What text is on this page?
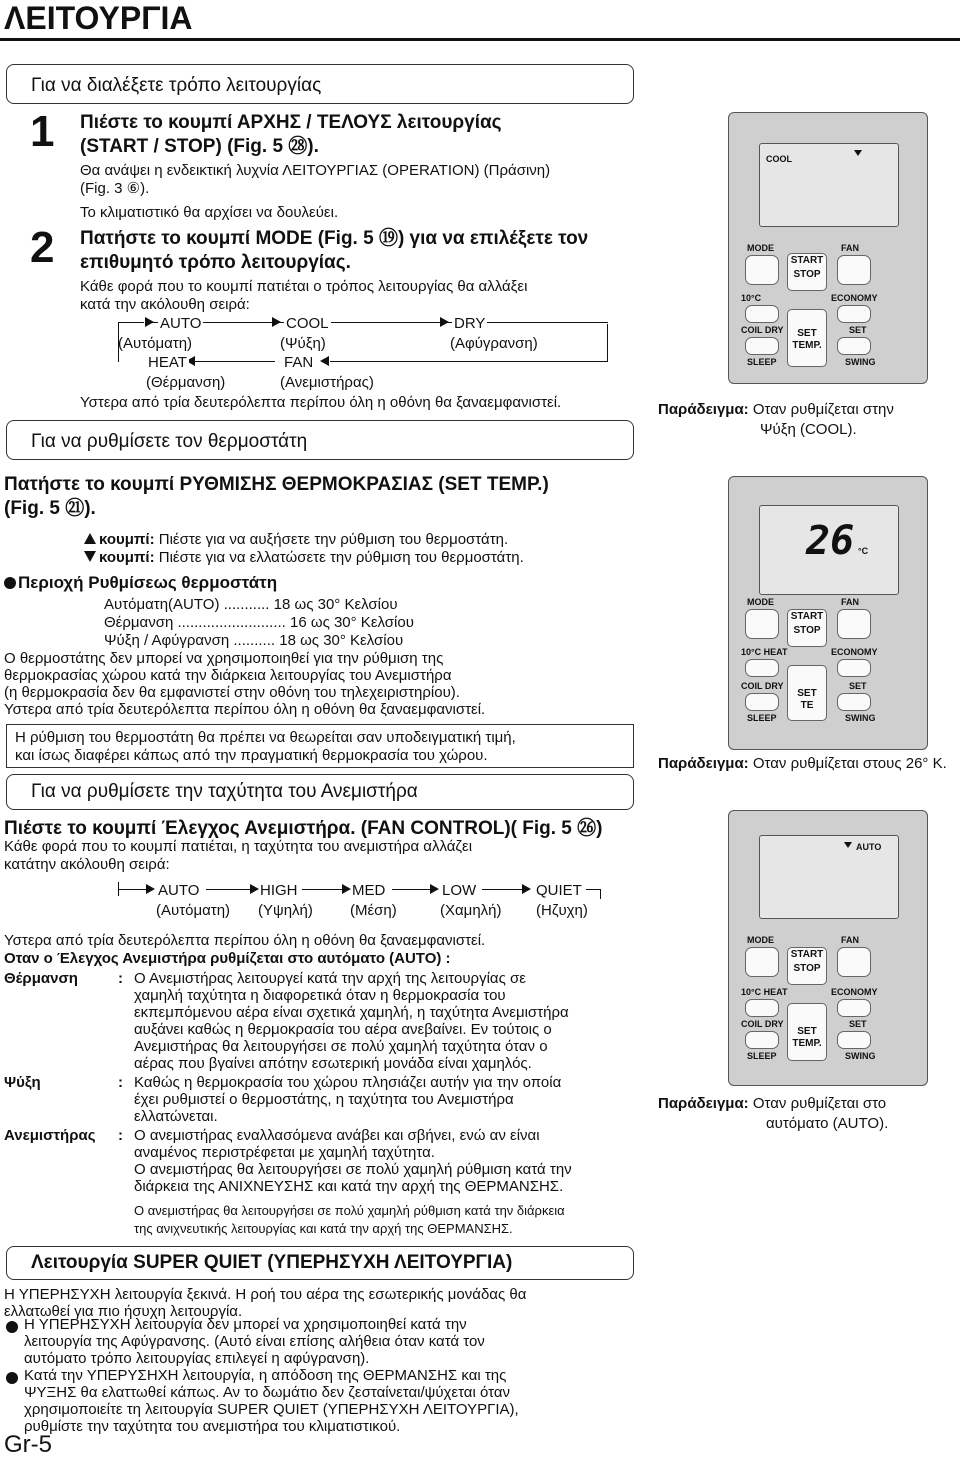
ΛΕΙΤΟΥΡΓΙΑ
Για να διαλέξετε τρόπο λειτουργίας
1 Πιέστε το κουμπί ΑΡΧΗΣ / ΤΕΛΟΥΣ λειτουργίας
(START / STOP) (Fig. 5 ㉘).
Θα ανάψει η ενδεικτική λυχνία ΛΕΙΤΟΥΡΓΙΑΣ (OPERATION) (Πράσινη)
(Fig. 3 ⑥).
Το κλιματιστικό θα αρχίσει να δουλεύει.
2 Πατήστε το κουμπί MODE (Fig. 5 ⑲) για να επιλέξετε τον
επιθυμητό τρόπο λειτουργίας.
Κάθε φορά που το κουμπί πατιέται ο τρόπος λειτουργίας θα αλλάξει
κατά την ακόλουθη σειρά:
AUTO	COOL	DRY
(Αυτόματη)	(Ψύξη)	(Αφύγρανση)
HEAT	FAN
(Θέρμανση)	(Ανεμιστήρας)
Υστερα από τρία δευτερόλεπτα περίπου όλη η οθόνη θα ξαναεμφανιστεί.
Για να ρυθμίσετε τον θερμοστάτη
Πατήστε το κουμπί ΡΥΘΜΙΣΗΣ ΘΕΡΜΟΚΡΑΣΙΑΣ (SET TEMP.)
(Fig. 5 ㉑).
κουμπί: Πιέστε για να αυξήσετε την ρύθμιση του θερμοστάτη.
κουμπί: Πιέστε για να ελλατώσετε την ρύθμιση του θερμοστάτη.
Περιοχή Ρυθμίσεως θερμοστάτη
Αυτόματη(AUTO) ........... 18 ως 30° Κελσίου
Θέρμανση .......................... 16 ως 30° Κελσίου
Ψύξη / Αφύγρανση .......... 18 ως 30° Κελσίου
Ο θερμοστάτης δεν μπορεί να χρησιμοποιηθεί για την ρύθμιση της
θερμοκρασίας χώρου κατά την διάρκεια λειτουργίας του Ανεμιστήρα
(η θερμοκρασία δεν θα εμφανιστεί στην οθόνη του τηλεχειριστηρίου).
Υστερα από τρία δευτερόλεπτα περίπου όλη η οθόνη θα ξαναεμφανιστεί.
Η ρύθμιση του θερμοστάτη θα πρέπει να θεωρείται σαν υποδειγματική τιμή,
και ίσως διαφέρει κάπως από την πραγματική θερμοκρασία του χώρου.
Για να ρυθμίσετε την ταχύτητα του Ανεμιστήρα
Πιέστε το κουμπί Έλεγχος Ανεμιστήρα. (FAN CONTROL)( Fig. 5 ㉖)
Κάθε φορά που το κουμπί πατιέται, η ταχύτητα του ανεμιστήρα αλλάζει
κατάτην ακόλουθη σειρά:
AUTO
(Αυτόματη)
HIGH
(Υψηλή)
MED
(Μέση)
LOW
(Χαμηλή)
QUIET
(Ηζυχη)
Υστερα από τρία δευτερόλεπτα περίπου όλη η οθόνη θα ξαναεμφανιστεί.
Οταν ο Έλεγχος Ανεμιστήρα ρυθμίζεται στο αυτόματο (AUTO) :
Θέρμανση	: Ο Ανεμιστήρας λειτουργεί κατά την αρχή της λειτουργίας σε
χαμηλή ταχύτητα η διαφορετικά όταν η θερμοκρασία του
εκπεμπόμενου αέρα είναι σχετικά χαμηλή, η ταχύτητα Ανεμιστήρα
αυξάνει καθώς η θερμοκρασία του αέρα ανεβαίνει. Εν τούτοις ο
Ανεμιστήρας θα λειτουργήσει σε πολύ χαμηλή ταχύτητα όταν ο
αέρας που βγαίνει απότην εσωτερική μονάδα είναι χαμηλός.
Ψύξη	: Καθώς η θερμοκρασία του χώρου πλησιάζει αυτήν για την οποία
έχει ρυθμιστεί ο θερμοστάτης, η ταχύτητα του Ανεμιστήρα
ελλατώνεται.
Ανεμιστήρας : Ο ανεμιστήρας εναλλασόμενα ανάβει και σβήνει, ενώ αν είναι
αναμένος περιστρέφεται με χαμηλή ταχύτητα.
Ο ανεμιστήρας θα λειτουργήσει σε πολύ χαμηλή ρύθμιση κατά την
διάρκεια της ΑΝΙΧΝΕΥΣΗΣ και κατά την αρχή της ΘΕΡΜΑΝΣΗΣ.
Ο ανεμιστήρας θα λειτουργήσει σε πολύ χαμηλή ρύθμιση κατά την διάρκεια
της ανιχνευτικής λειτουργίας και κατά την αρχή της ΘΕΡΜΑΝΣΗΣ.
Λειτουργία SUPER QUIET (ΥΠΕΡΗΣΥΧΗ ΛΕΙΤΟΥΡΓΙΑ)
Η ΥΠΕΡΗΣΥΧΗ λειτουργία ξεκινά. Η ροή του αέρα της εσωτερικής μονάδας θα
ελλατωθεί για πιο ήσυχη λειτουργία.
Η ΥΠΕΡΗΣΥΧΗ λειτουργία δεν μπορεί να χρησιμοποιηθεί κατά την
λειτουργία της Αφύγρανσης. (Αυτό είναι επίσης αλήθεια όταν κατά τον
αυτόματο τρόπο λειτουργίας επιλεγεί η αφύγρανση).
Κατά την ΥΠΕΡΥΣΗΧΗ λειτουργία, η απόδοση της ΘΕΡΜΑΝΣΗΣ και της
ΨΥΞΗΣ θα ελαττωθεί κάπως. Αν το δωμάτιο δεν ζεσταίνεται/ψύχεται όταν
χρησιμοποιείτε τη λειτουργία SUPER QUIET (ΥΠΕΡΗΣΥΧΗ ΛΕΙΤΟΥΡΓΙΑ),
ρυθμίστε την ταχύτητα του ανεμιστήρα του κλιματιστικού.
Gr-5
COOL
MODE	FAN
START
STOP
10°C	ECONOMY
COIL DRY	SET
SET
TEMP.
SLEEP	SWING
Παράδειγμα: Οταν ρυθμίζεται στην
Ψύξη (COOL).
26 °C
MODE	FAN
START
STOP
10°C HEAT	ECONOMY
COIL DRY	SET
SET
TE
SLEEP	SWING
Παράδειγμα: Οταν ρυθμίζεται στους 26° Κ.
AUTO
MODE	FAN
START
STOP
10°C HEAT	ECONOMY
COIL DRY	SET
SET
TEMP.
SLEEP	SWING
Παράδειγμα: Οταν ρυθμίζεται στο
αυτόματο (AUTO).
